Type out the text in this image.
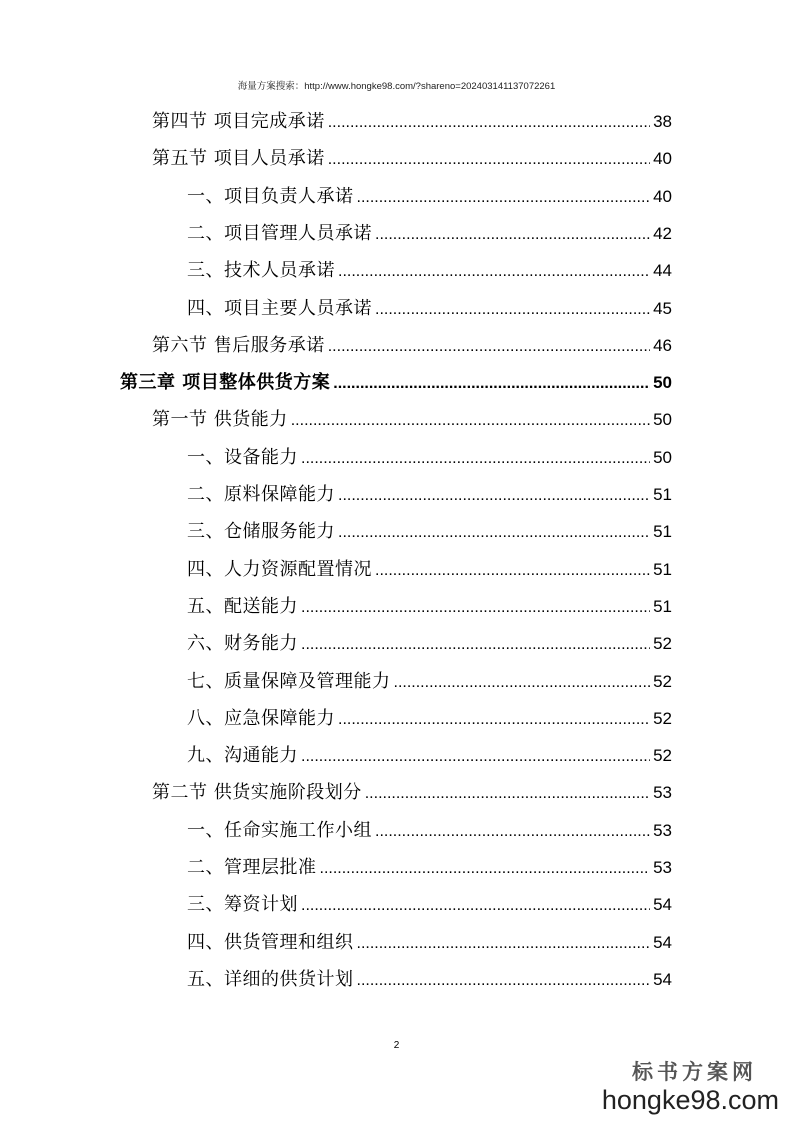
海量方案搜索：http://www.hongke98.com/?shareno=202403141137072261
第四节 项目完成承诺 .....	38
第五节 项目人员承诺 .....	40
一、项目负责人承诺 .....	40
二、项目管理人员承诺 .....	42
三、技术人员承诺 .....	44
四、项目主要人员承诺 .....	45
第六节 售后服务承诺 .....	46
第三章 项目整体供货方案 .....	50
第一节 供货能力 .....	50
一、设备能力 .....	50
二、原料保障能力 .....	51
三、仓储服务能力 .....	51
四、人力资源配置情况 .....	51
五、配送能力 .....	51
六、财务能力 .....	52
七、质量保障及管理能力 .....	52
八、应急保障能力 .....	52
九、沟通能力 .....	52
第二节 供货实施阶段划分 .....	53
一、任命实施工作小组 .....	53
二、管理层批准 .....	53
三、筹资计划 .....	54
四、供货管理和组织 .....	54
五、详细的供货计划 .....	54
2
标书方案网
hongke98.com
